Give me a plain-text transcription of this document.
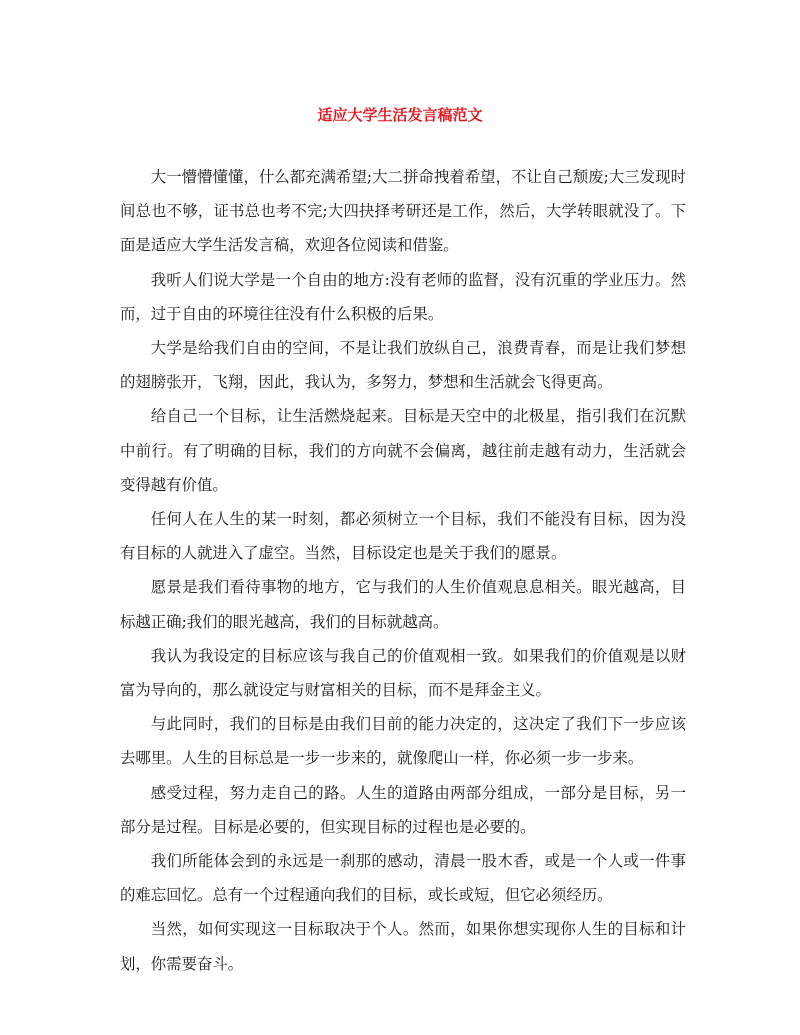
适应大学生活发言稿范文

大一懵懵懂懂，什么都充满希望;大二拼命拽着希望，不让自己颓废;大三发现时间总也不够，证书总也考不完;大四抉择考研还是工作，然后，大学转眼就没了。下面是适应大学生活发言稿，欢迎各位阅读和借鉴。

我听人们说大学是一个自由的地方:没有老师的监督，没有沉重的学业压力。然而，过于自由的环境往往没有什么积极的后果。

大学是给我们自由的空间，不是让我们放纵自己，浪费青春，而是让我们梦想的翅膀张开，飞翔，因此，我认为，多努力，梦想和生活就会飞得更高。

给自己一个目标，让生活燃烧起来。目标是天空中的北极星，指引我们在沉默中前行。有了明确的目标，我们的方向就不会偏离，越往前走越有动力，生活就会变得越有价值。

任何人在人生的某一时刻，都必须树立一个目标，我们不能没有目标，因为没有目标的人就进入了虚空。当然，目标设定也是关于我们的愿景。

愿景是我们看待事物的地方，它与我们的人生价值观息息相关。眼光越高，目标越正确;我们的眼光越高，我们的目标就越高。

我认为我设定的目标应该与我自己的价值观相一致。如果我们的价值观是以财富为导向的，那么就设定与财富相关的目标，而不是拜金主义。

与此同时，我们的目标是由我们目前的能力决定的，这决定了我们下一步应该去哪里。人生的目标总是一步一步来的，就像爬山一样，你必须一步一步来。

感受过程，努力走自己的路。人生的道路由两部分组成，一部分是目标，另一部分是过程。目标是必要的，但实现目标的过程也是必要的。

我们所能体会到的永远是一刹那的感动，清晨一股木香，或是一个人或一件事的难忘回忆。总有一个过程通向我们的目标，或长或短，但它必须经历。

当然，如何实现这一目标取决于个人。然而，如果你想实现你人生的目标和计划，你需要奋斗。
